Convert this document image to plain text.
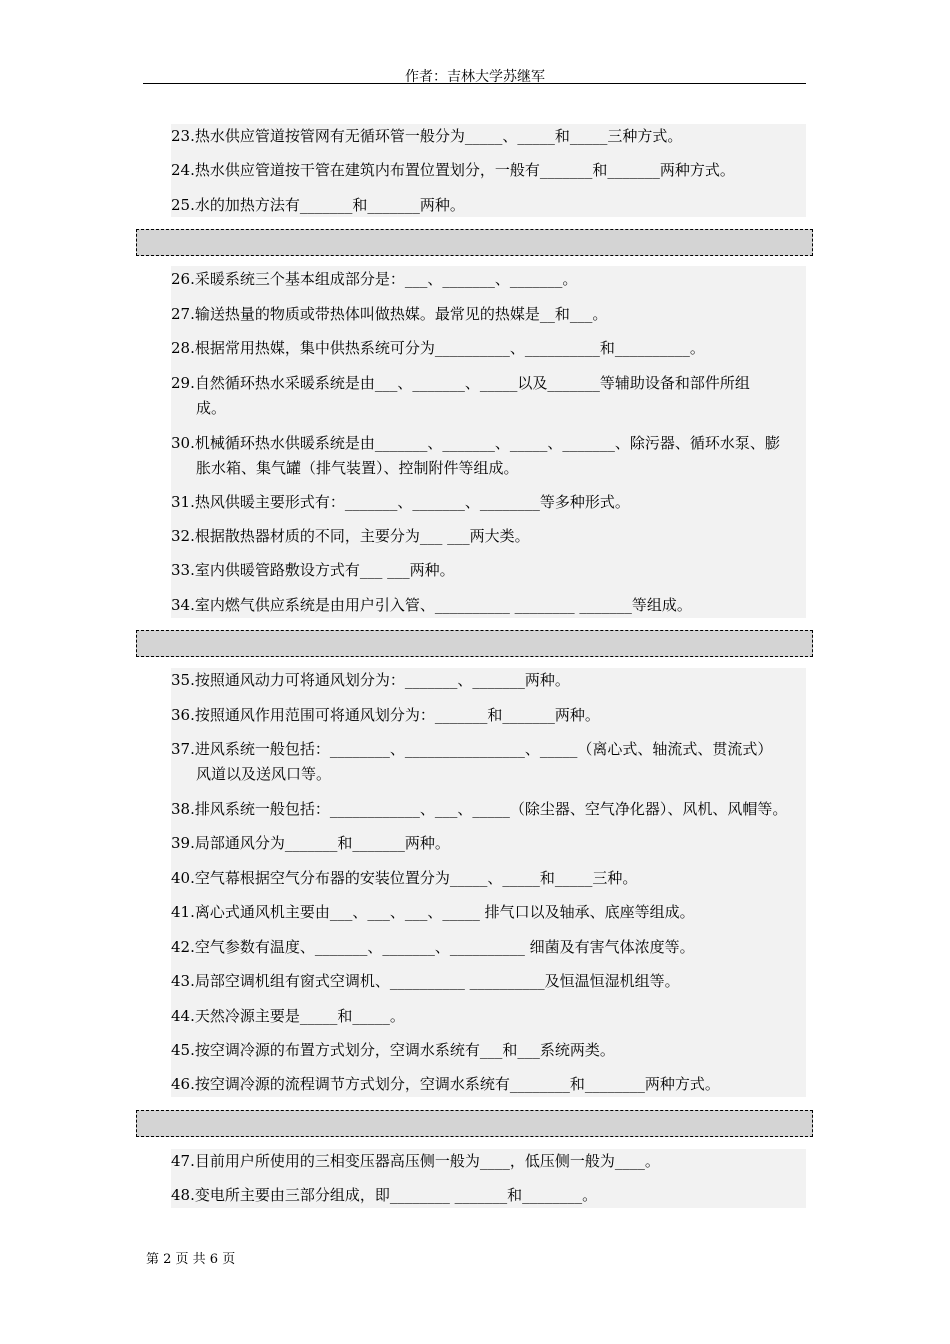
作者：吉林大学苏继军
23.热水供应管道按管网有无循环管一般分为_____、_____和_____三种方式。
24.热水供应管道按干管在建筑内布置位置划分，一般有_______和_______两种方式。
25.水的加热方法有_______和_______两种。
26.采暖系统三个基本组成部分是：___、_______、_______。
27.输送热量的物质或带热体叫做热媒。最常见的热媒是__和___。
28.根据常用热媒，集中供热系统可分为__________、__________和__________。
29.自然循环热水采暖系统是由___、_______、_____以及_______等辅助设备和部件所组
成。
30.机械循环热水供暖系统是由_______、_______、_____、_______、除污器、循环水泵、膨
胀水箱、集气罐（排气装置）、控制附件等组成。
31.热风供暖主要形式有：_______、_______、________等多种形式。
32.根据散热器材质的不同，主要分为___ ___两大类。
33.室内供暖管路敷设方式有___ ___两种。
34.室内燃气供应系统是由用户引入管、__________ ________ _______等组成。
35.按照通风动力可将通风划分为：_______、_______两种。
36.按照通风作用范围可将通风划分为：_______和_______两种。
37.进风系统一般包括：________、________________、_____（离心式、轴流式、贯流式）
风道以及送风口等。
38.排风系统一般包括：____________、___、_____（除尘器、空气净化器）、风机、风帽等。
39.局部通风分为_______和_______两种。
40.空气幕根据空气分布器的安装位置分为_____、_____和_____三种。
41.离心式通风机主要由___、___、___、_____ 排气口以及轴承、底座等组成。
42.空气参数有温度、_______、_______、__________ 细菌及有害气体浓度等。
43.局部空调机组有窗式空调机、__________ __________及恒温恒湿机组等。
44.天然冷源主要是_____和_____。
45.按空调冷源的布置方式划分，空调水系统有___和___系统两类。
46.按空调冷源的流程调节方式划分，空调水系统有________和________两种方式。
47.目前用户所使用的三相变压器高压侧一般为____，低压侧一般为____。
48.变电所主要由三部分组成，即________ _______和________。
第 2 页 共 6 页
